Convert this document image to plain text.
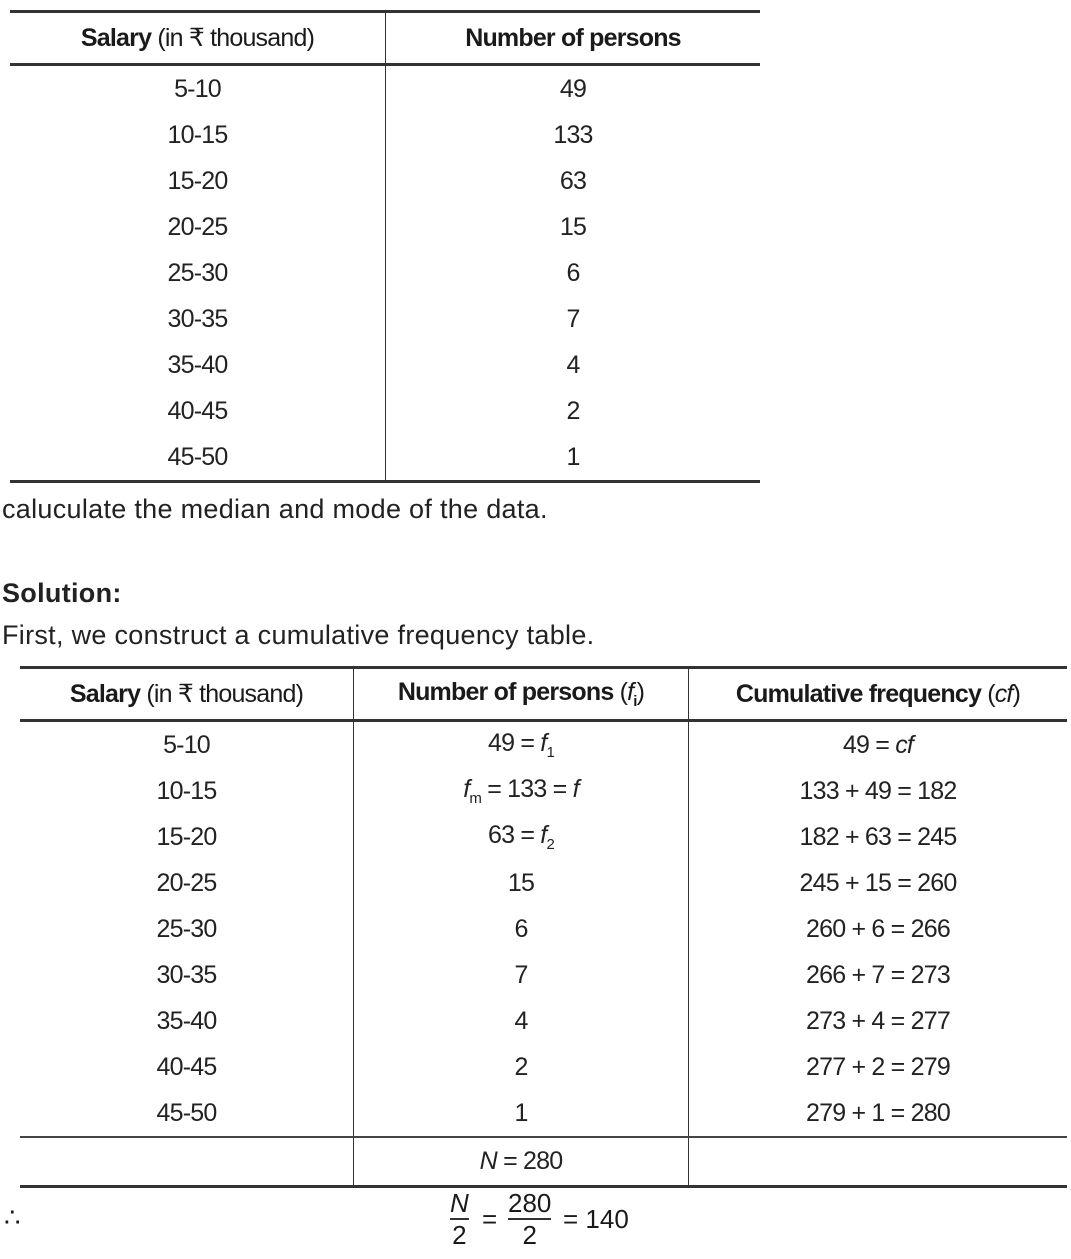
Salary (in ₹ thousand)	Number of persons
5-10	49
10-15	133
15-20	63
20-25	15
25-30	6
30-35	7
35-40	4
40-45	2
45-50	1
caluculate the median and mode of the data.
Solution:
First, we construct a cumulative frequency table.
Salary (in ₹ thousand)	Number of persons $(f_i)$	Cumulative frequency (cf)
5-10	$49 = f_1$	49 = cf
10-15	$f_m = 133 = f$	133 + 49 = 182
15-20	$63 = f_2$	182 + 63 = 245
20-25	15	245 + 15 = 260
25-30	6	260 + 6 = 266
30-35	7	266 + 7 = 273
35-40	4	273 + 4 = 277
40-45	2	277 + 2 = 279
45-50	1	279 + 1 = 280
	N = 280	
∴	N
2
=
280
2
= 140
